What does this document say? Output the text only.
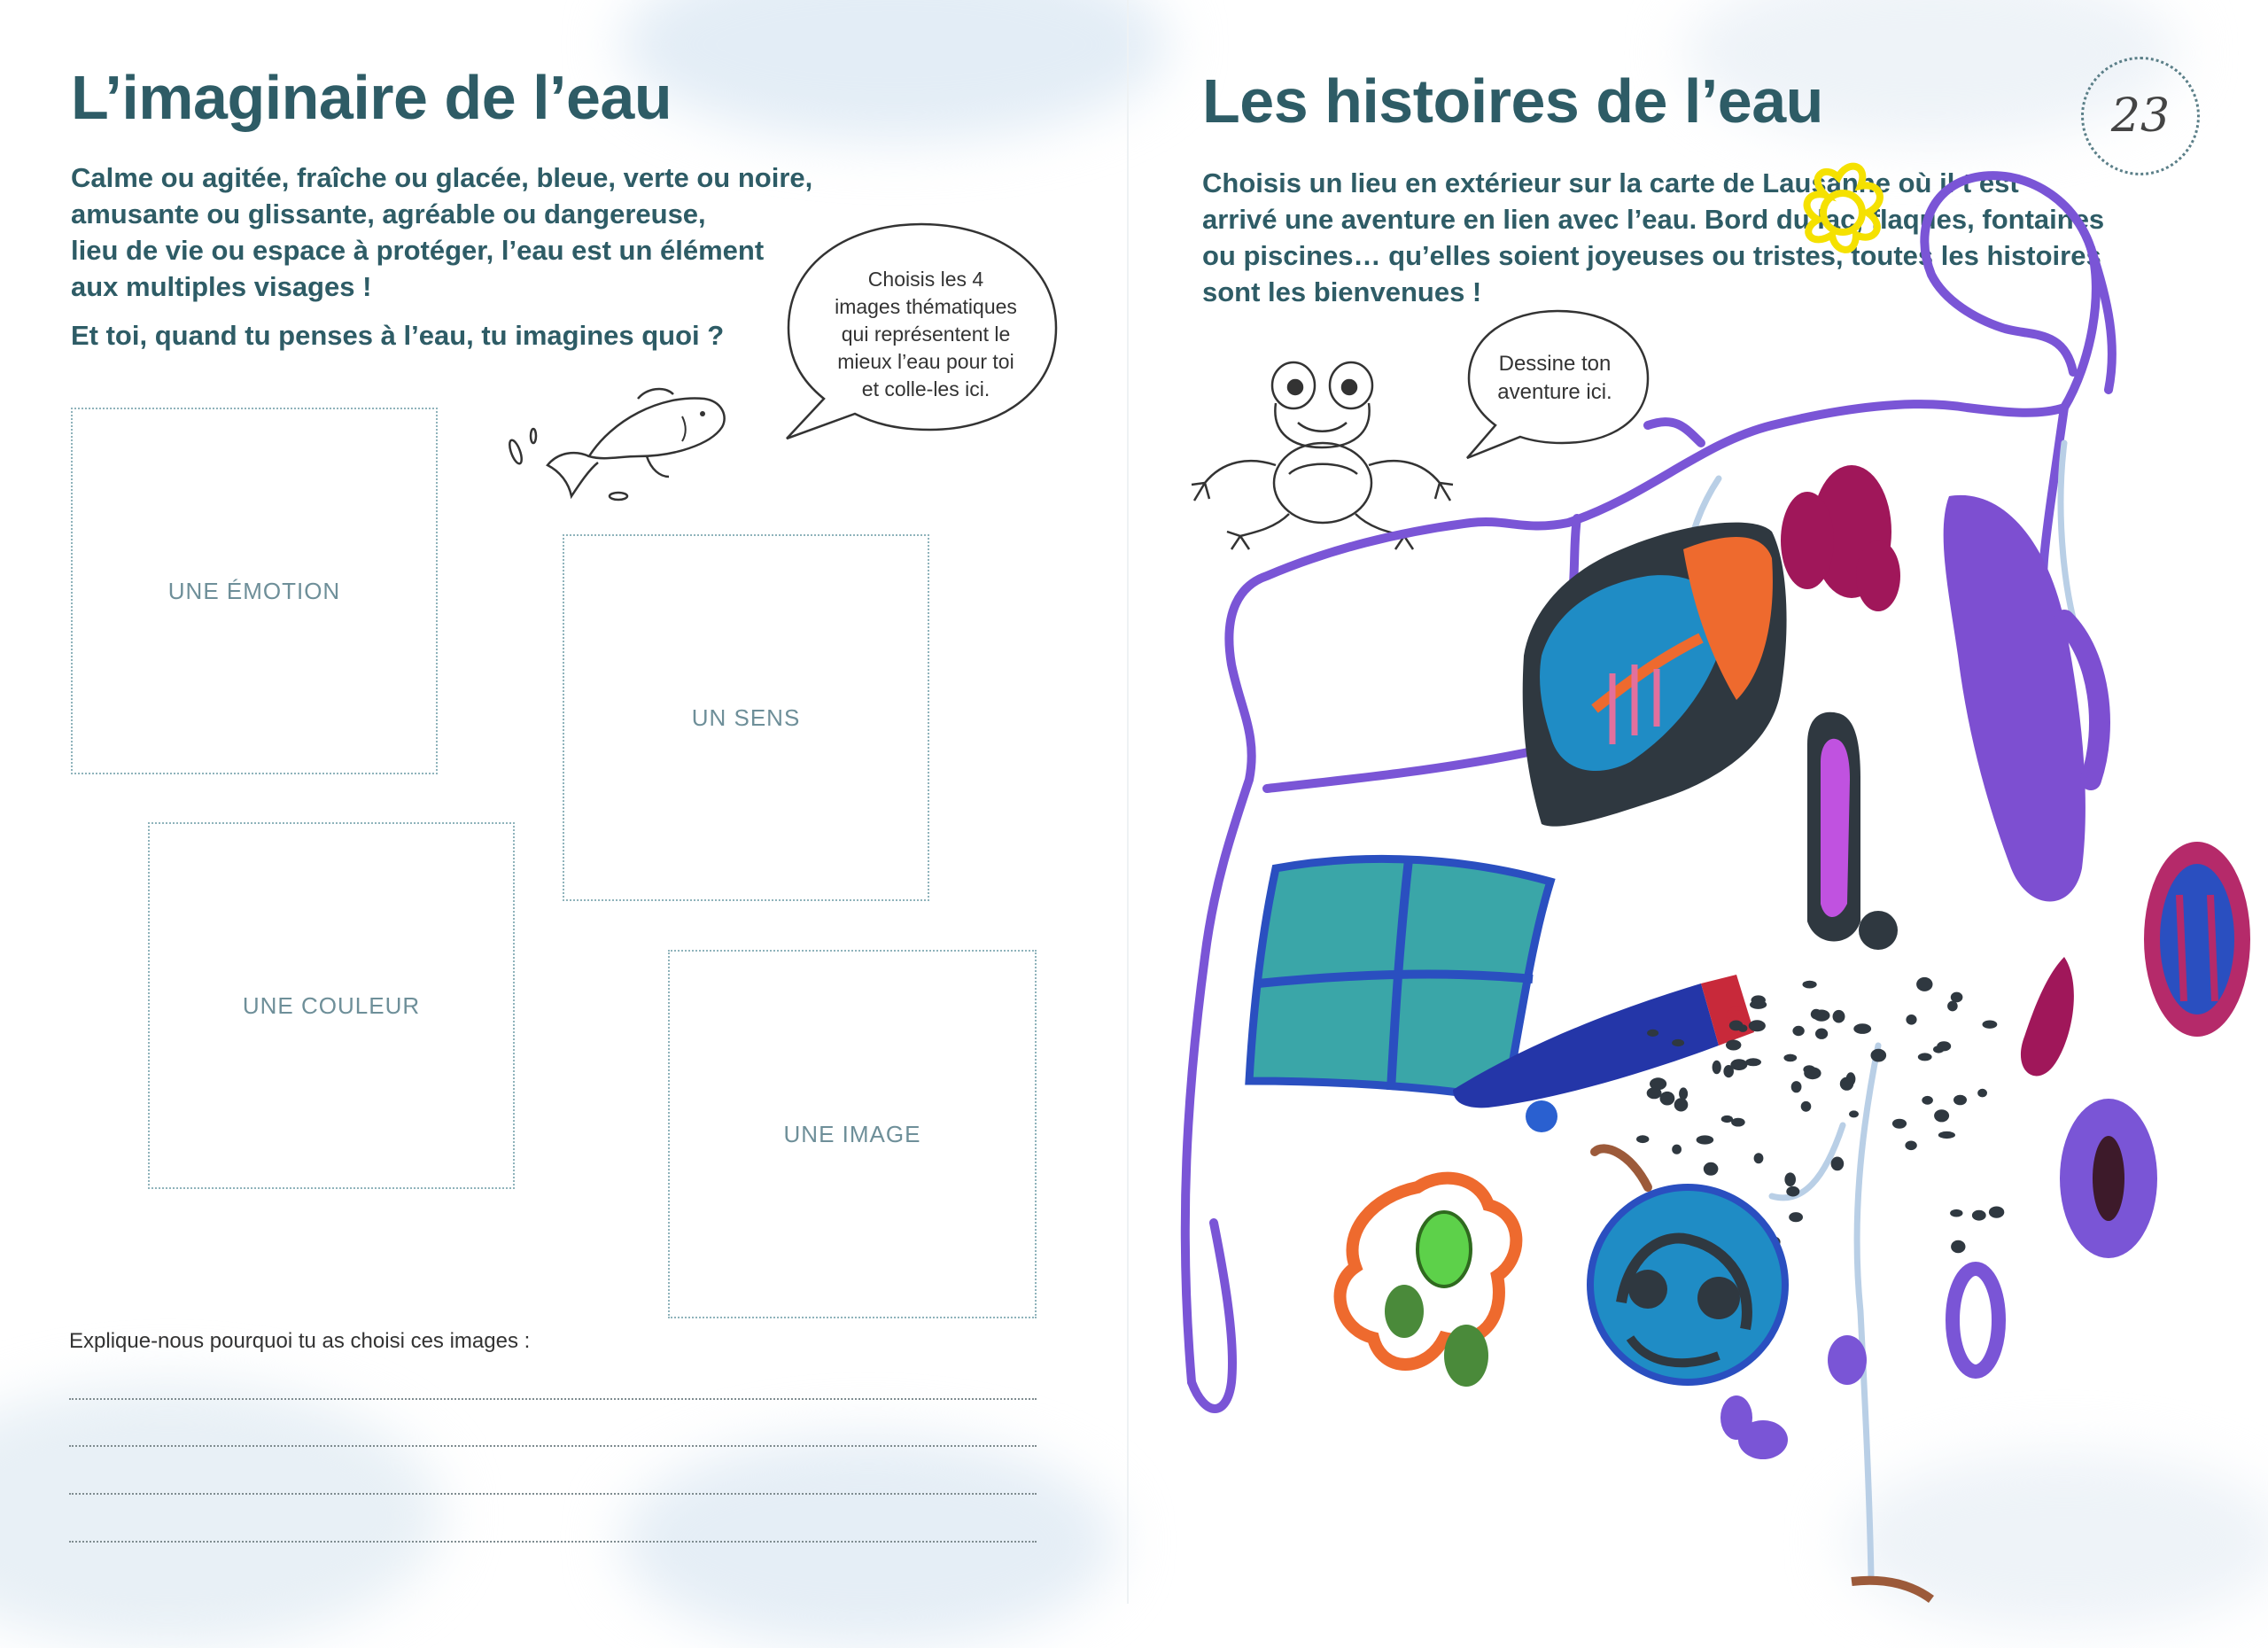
L’imaginaire de l’eau
Calme ou agitée, fraîche ou glacée, bleue, verte ou noire,
amusante ou glissante, agréable ou dangereuse,
lieu de vie ou espace à protéger, l’eau est un élément
aux multiples visages !

Et toi, quand tu penses à l’eau, tu imagines quoi ?

Choisis les 4
images thématiques
qui représentent le
mieux l’eau pour toi
et colle-les ici.
UNE ÉMOTION
UN SENS
UNE COULEUR
UNE IMAGE
Explique-nous pourquoi tu as choisi ces images :
23
Les histoires de l’eau
Choisis un lieu en extérieur sur la carte de Lausanne où il t’est
arrivé une aventure en lien avec l’eau. Bord du lac, flaques, fontaines
ou piscines… qu’elles soient joyeuses ou tristes, toutes les histoires
sont les bienvenues !
Dessine ton
aventure ici.
